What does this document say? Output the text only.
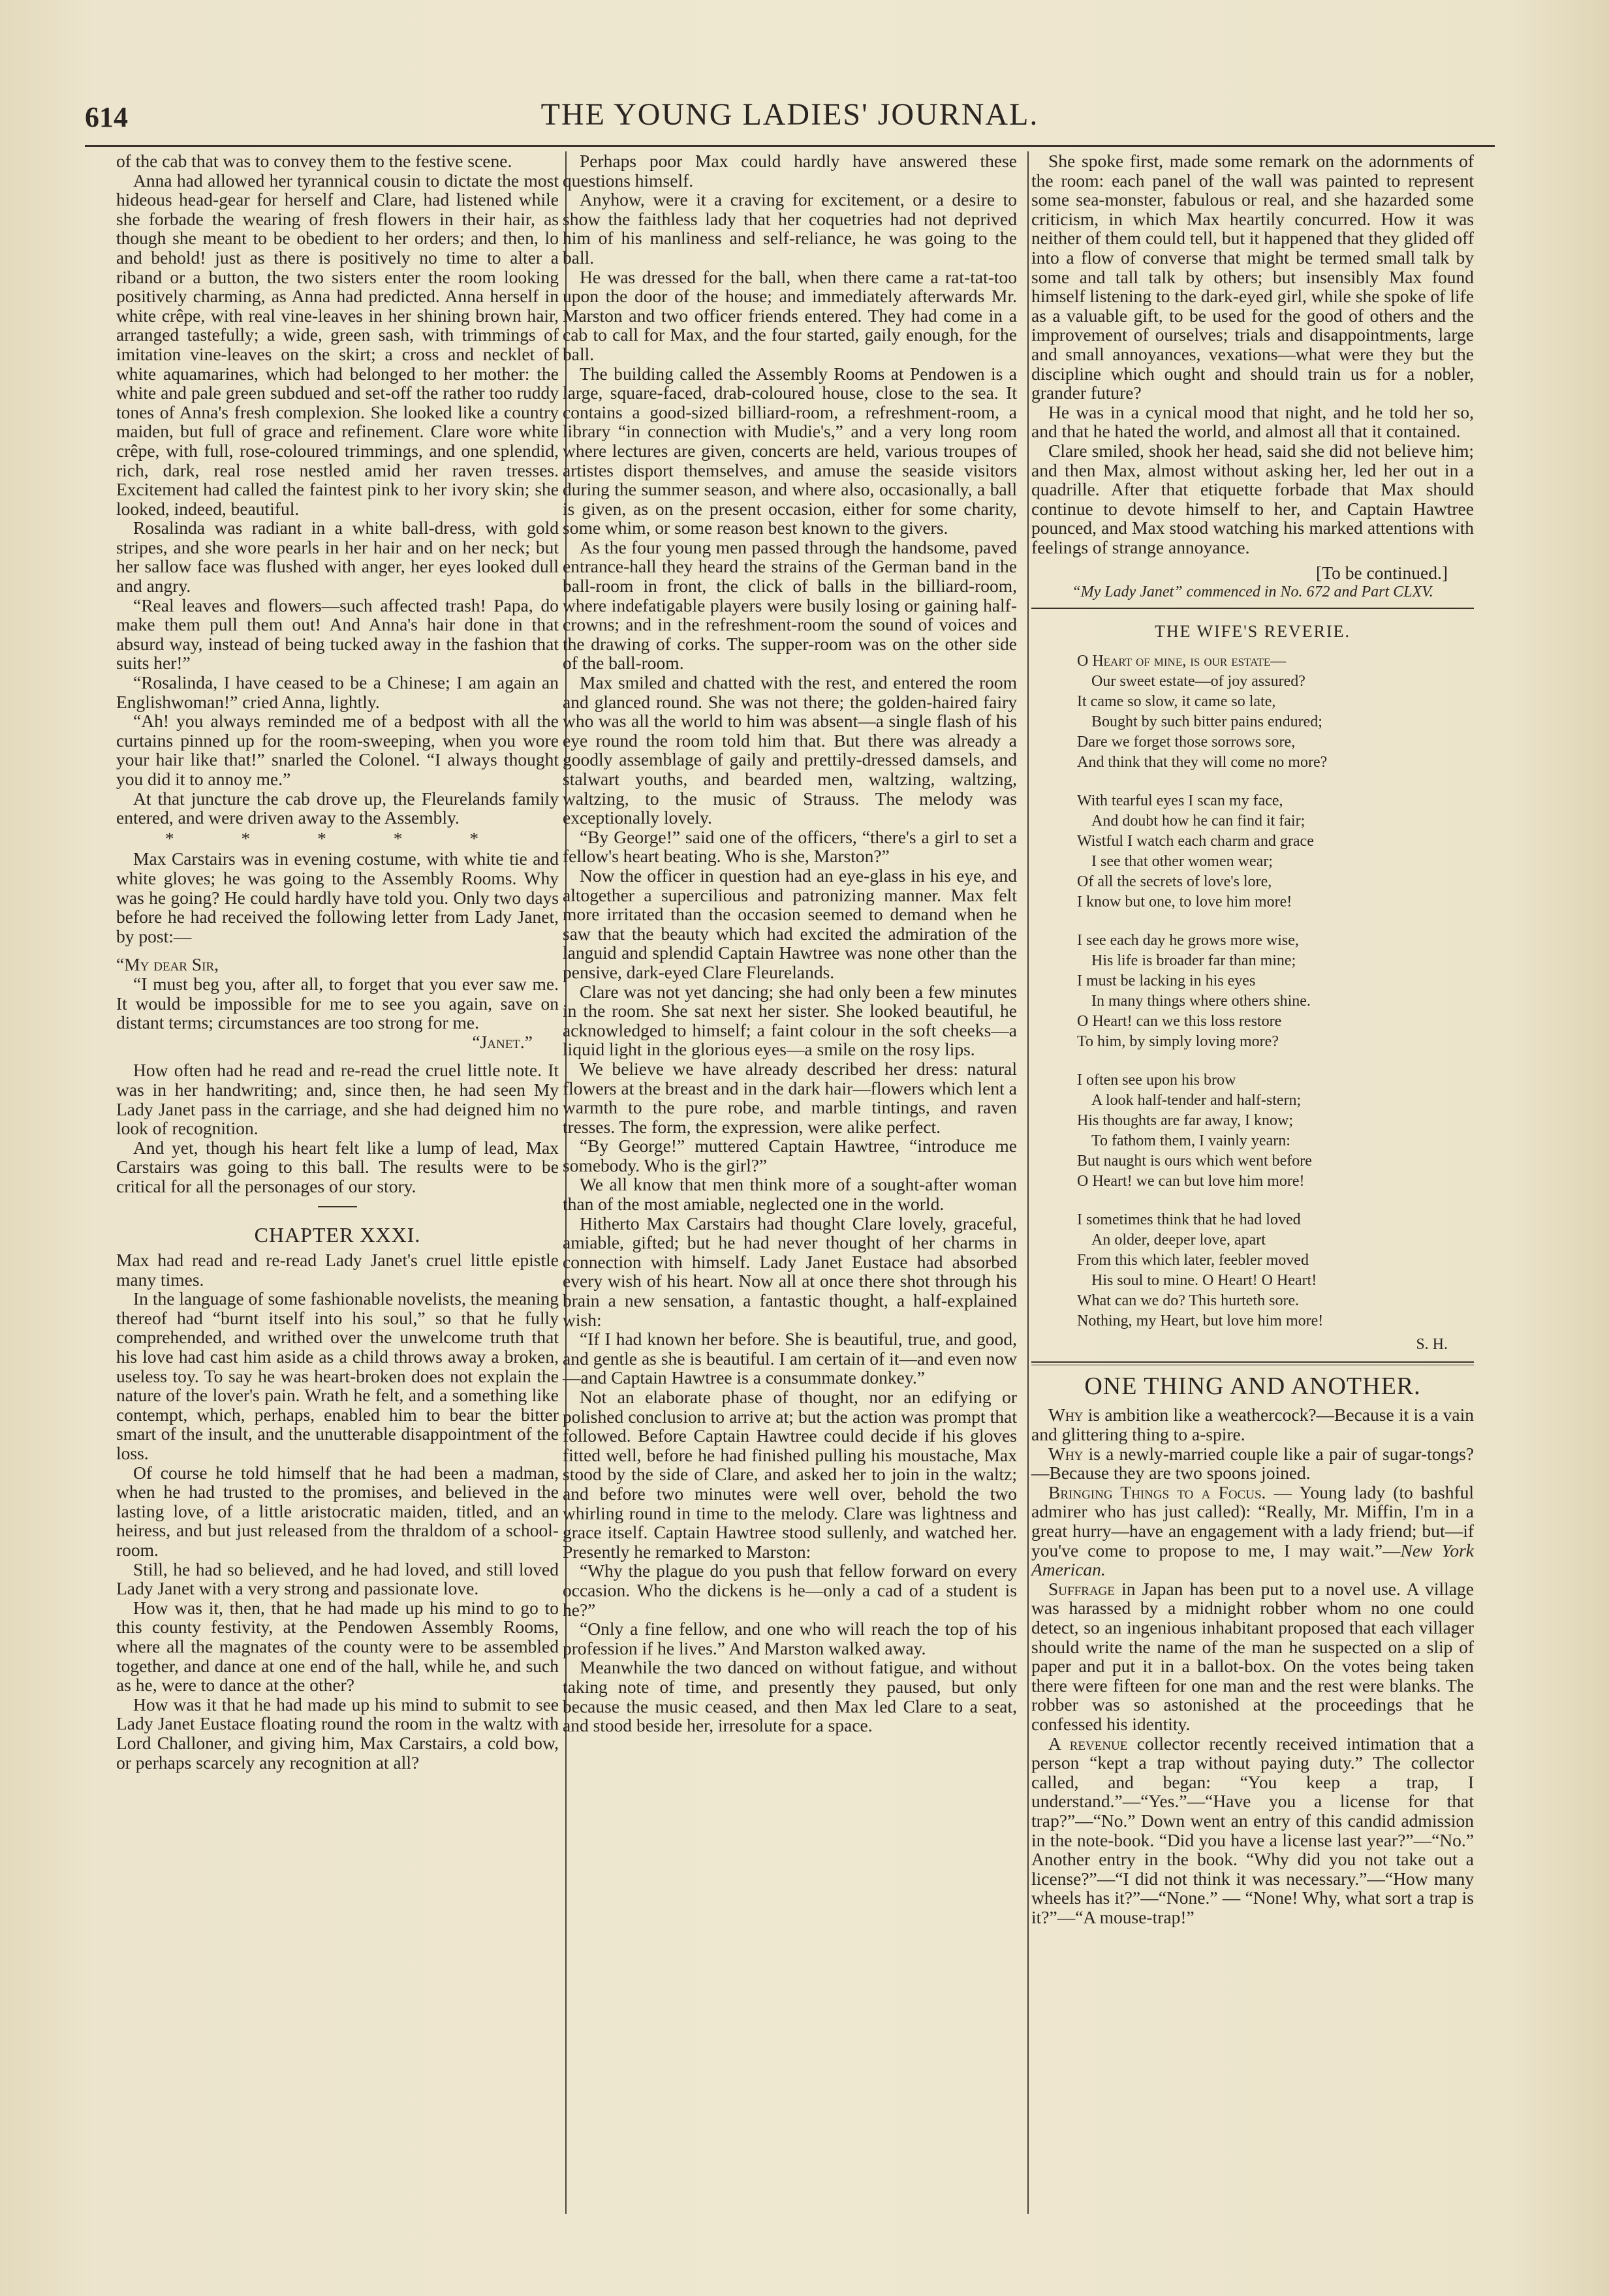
614	THE YOUNG LADIES' JOURNAL.

of the cab that was to convey them to the festive scene.

Anna had allowed her tyrannical cousin to dictate the most hideous head-gear for herself and Clare, had listened while she forbade the wearing of fresh flowers in their hair, as though she meant to be obedient to her orders; and then, lo and behold! just as there is positively no time to alter a riband or a button, the two sisters enter the room looking positively charming, as Anna had predicted. Anna herself in white crêpe, with real vine-leaves in her shining brown hair, arranged tastefully; a wide, green sash, with trimmings of imitation vine-leaves on the skirt; a cross and necklet of white aquamarines, which had belonged to her mother: the white and pale green subdued and set-off the rather too ruddy tones of Anna's fresh complexion. She looked like a country maiden, but full of grace and refinement. Clare wore white crêpe, with full, rose-coloured trimmings, and one splendid, rich, dark, real rose nestled amid her raven tresses. Excitement had called the faintest pink to her ivory skin; she looked, indeed, beautiful.

Rosalinda was radiant in a white ball-dress, with gold stripes, and she wore pearls in her hair and on her neck; but her sallow face was flushed with anger, her eyes looked dull and angry.

“Real leaves and flowers—such affected trash! Papa, do make them pull them out! And Anna's hair done in that absurd way, instead of being tucked away in the fashion that suits her!”

“Rosalinda, I have ceased to be a Chinese; I am again an Englishwoman!” cried Anna, lightly.

“Ah! you always reminded me of a bedpost with all the curtains pinned up for the room-sweeping, when you wore your hair like that!” snarled the Colonel. “I always thought you did it to annoy me.”

At that juncture the cab drove up, the Fleurelands family entered, and were driven away to the Assembly.

* * * * *

Max Carstairs was in evening costume, with white tie and white gloves; he was going to the Assembly Rooms. Why was he going? He could hardly have told you. Only two days before he had received the following letter from Lady Janet, by post:—

“My dear Sir,

“I must beg you, after all, to forget that you ever saw me. It would be impossible for me to see you again, save on distant terms; circumstances are too strong for me.

“Janet.”

How often had he read and re-read the cruel little note. It was in her handwriting; and, since then, he had seen My Lady Janet pass in the carriage, and she had deigned him no look of recognition.

And yet, though his heart felt like a lump of lead, Max Carstairs was going to this ball. The results were to be critical for all the personages of our story.

CHAPTER XXXI.

Max had read and re-read Lady Janet's cruel little epistle many times.

In the language of some fashionable novelists, the meaning thereof had “burnt itself into his soul,” so that he fully comprehended, and writhed over the unwelcome truth that his love had cast him aside as a child throws away a broken, useless toy. To say he was heart-broken does not explain the nature of the lover's pain. Wrath he felt, and a something like contempt, which, perhaps, enabled him to bear the bitter smart of the insult, and the unutterable disappointment of the loss.

Of course he told himself that he had been a madman, when he had trusted to the promises, and believed in the lasting love, of a little aristocratic maiden, titled, and an heiress, and but just released from the thraldom of a school-room.

Still, he had so believed, and he had loved, and still loved Lady Janet with a very strong and passionate love.

How was it, then, that he had made up his mind to go to this county festivity, at the Pendowen Assembly Rooms, where all the magnates of the county were to be assembled together, and dance at one end of the hall, while he, and such as he, were to dance at the other?

How was it that he had made up his mind to submit to see Lady Janet Eustace floating round the room in the waltz with Lord Challoner, and giving him, Max Carstairs, a cold bow, or perhaps scarcely any recognition at all?

Perhaps poor Max could hardly have answered these questions himself.

Anyhow, were it a craving for excitement, or a desire to show the faithless lady that her coquetries had not deprived him of his manliness and self-reliance, he was going to the ball.

He was dressed for the ball, when there came a rat-tat-too upon the door of the house; and immediately afterwards Mr. Marston and two officer friends entered. They had come in a cab to call for Max, and the four started, gaily enough, for the ball.

The building called the Assembly Rooms at Pendowen is a large, square-faced, drab-coloured house, close to the sea. It contains a good-sized billiard-room, a refreshment-room, a library “in connection with Mudie's,” and a very long room where lectures are given, concerts are held, various troupes of artistes disport themselves, and amuse the seaside visitors during the summer season, and where also, occasionally, a ball is given, as on the present occasion, either for some charity, some whim, or some reason best known to the givers.

As the four young men passed through the handsome, paved entrance-hall they heard the strains of the German band in the ball-room in front, the click of balls in the billiard-room, where indefatigable players were busily losing or gaining half-crowns; and in the refreshment-room the sound of voices and the drawing of corks. The supper-room was on the other side of the ball-room.

Max smiled and chatted with the rest, and entered the room and glanced round. She was not there; the golden-haired fairy who was all the world to him was absent—a single flash of his eye round the room told him that. But there was already a goodly assemblage of gaily and prettily-dressed damsels, and stalwart youths, and bearded men, waltzing, waltzing, waltzing, to the music of Strauss. The melody was exceptionally lovely.

“By George!” said one of the officers, “there's a girl to set a fellow's heart beating. Who is she, Marston?”

Now the officer in question had an eye-glass in his eye, and altogether a supercilious and patronizing manner. Max felt more irritated than the occasion seemed to demand when he saw that the beauty which had excited the admiration of the languid and splendid Captain Hawtree was none other than the pensive, dark-eyed Clare Fleurelands.

Clare was not yet dancing; she had only been a few minutes in the room. She sat next her sister. She looked beautiful, he acknowledged to himself; a faint colour in the soft cheeks—a liquid light in the glorious eyes—a smile on the rosy lips.

We believe we have already described her dress: natural flowers at the breast and in the dark hair—flowers which lent a warmth to the pure robe, and marble tintings, and raven tresses. The form, the expression, were alike perfect.

“By George!” muttered Captain Hawtree, “introduce me somebody. Who is the girl?”

We all know that men think more of a sought-after woman than of the most amiable, neglected one in the world.

Hitherto Max Carstairs had thought Clare lovely, graceful, amiable, gifted; but he had never thought of her charms in connection with himself. Lady Janet Eustace had absorbed every wish of his heart. Now all at once there shot through his brain a new sensation, a fantastic thought, a half-explained wish:

“If I had known her before. She is beautiful, true, and good, and gentle as she is beautiful. I am certain of it—and even now—and Captain Hawtree is a consummate donkey.”

Not an elaborate phase of thought, nor an edifying or polished conclusion to arrive at; but the action was prompt that followed. Before Captain Hawtree could decide if his gloves fitted well, before he had finished pulling his moustache, Max stood by the side of Clare, and asked her to join in the waltz; and before two minutes were well over, behold the two whirling round in time to the melody. Clare was lightness and grace itself. Captain Hawtree stood sullenly, and watched her. Presently he remarked to Marston:

“Why the plague do you push that fellow forward on every occasion. Who the dickens is he—only a cad of a student is he?”

“Only a fine fellow, and one who will reach the top of his profession if he lives.” And Marston walked away.

Meanwhile the two danced on without fatigue, and without taking note of time, and presently they paused, but only because the music ceased, and then Max led Clare to a seat, and stood beside her, irresolute for a space.

She spoke first, made some remark on the adornments of the room: each panel of the wall was painted to represent some sea-monster, fabulous or real, and she hazarded some criticism, in which Max heartily concurred. How it was neither of them could tell, but it happened that they glided off into a flow of converse that might be termed small talk by some and tall talk by others; but insensibly Max found himself listening to the dark-eyed girl, while she spoke of life as a valuable gift, to be used for the good of others and the improvement of ourselves; trials and disappointments, large and small annoyances, vexations—what were they but the discipline which ought and should train us for a nobler, grander future?

He was in a cynical mood that night, and he told her so, and that he hated the world, and almost all that it contained.

Clare smiled, shook her head, said she did not believe him; and then Max, almost without asking her, led her out in a quadrille. After that etiquette forbade that Max should continue to devote himself to her, and Captain Hawtree pounced, and Max stood watching his marked attentions with feelings of strange annoyance.

[To be continued.]
“My Lady Janet” commenced in No. 672 and Part CLXV.
THE WIFE'S REVERIE.
O Heart of mine, is our estate—
Our sweet estate—of joy assured?
It came so slow, it came so late,
Bought by such bitter pains endured;
Dare we forget those sorrows sore,
And think that they will come no more?
With tearful eyes I scan my face,
And doubt how he can find it fair;
Wistful I watch each charm and grace
I see that other women wear;
Of all the secrets of love's lore,
I know but one, to love him more!
I see each day he grows more wise,
His life is broader far than mine;
I must be lacking in his eyes
In many things where others shine.
O Heart! can we this loss restore
To him, by simply loving more?
I often see upon his brow
A look half-tender and half-stern;
His thoughts are far away, I know;
To fathom them, I vainly yearn:
But naught is ours which went before
O Heart! we can but love him more!
I sometimes think that he had loved
An older, deeper love, apart
From this which later, feebler moved
His soul to mine. O Heart! O Heart!
What can we do? This hurteth sore.
Nothing, my Heart, but love him more!
S. H.
ONE THING AND ANOTHER.

Why is ambition like a weathercock?—Because it is a vain and glittering thing to a-spire.

Why is a newly-married couple like a pair of sugar-tongs?—Because they are two spoons joined.

Bringing Things to a Focus. — Young lady (to bashful admirer who has just called): “Really, Mr. Miffin, I'm in a great hurry—have an engagement with a lady friend; but—if you've come to propose to me, I may wait.”—New York American.

Suffrage in Japan has been put to a novel use. A village was harassed by a midnight robber whom no one could detect, so an ingenious inhabitant proposed that each villager should write the name of the man he suspected on a slip of paper and put it in a ballot-box. On the votes being taken there were fifteen for one man and the rest were blanks. The robber was so astonished at the proceedings that he confessed his identity.

A revenue collector recently received intimation that a person “kept a trap without paying duty.” The collector called, and began: “You keep a trap, I understand.”—“Yes.”—“Have you a license for that trap?”—“No.” Down went an entry of this candid admission in the note-book. “Did you have a license last year?”—“No.” Another entry in the book. “Why did you not take out a license?”—“I did not think it was necessary.”—“How many wheels has it?”—“None.” — “None! Why, what sort a trap is it?”—“A mouse-trap!”
